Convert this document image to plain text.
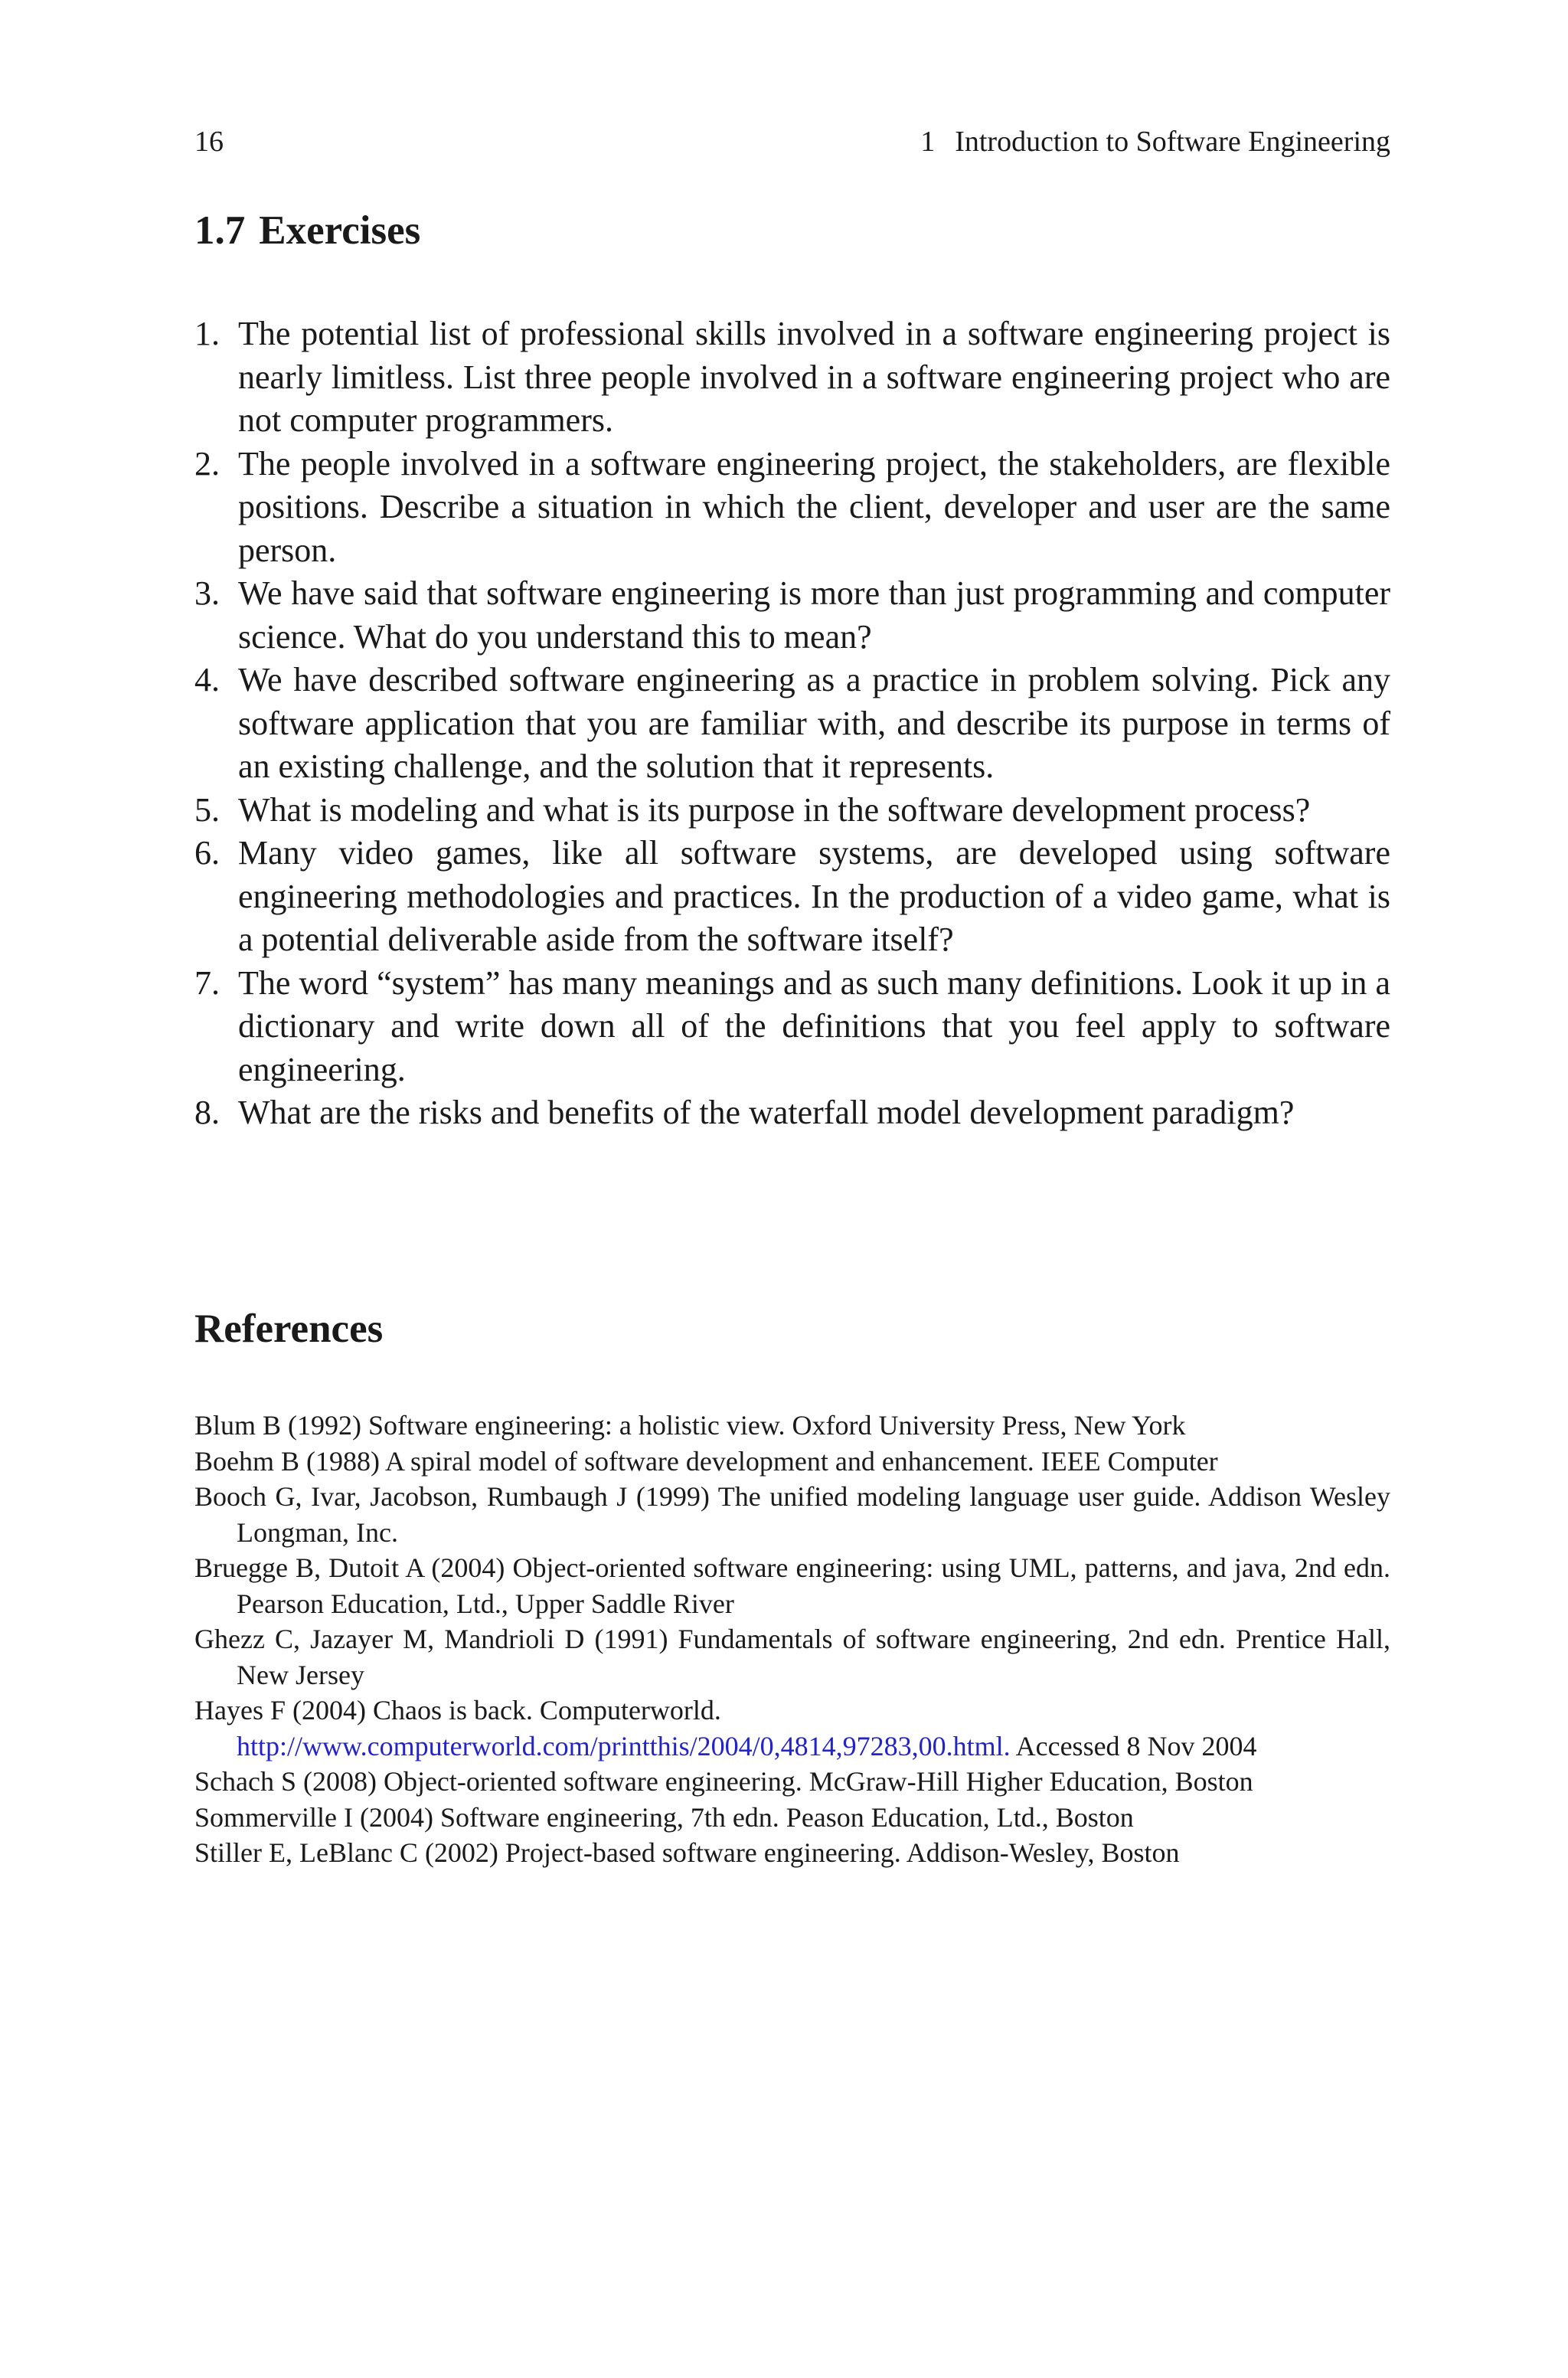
16	1 Introduction to Software Engineering
1.7 Exercises
1. The potential list of professional skills involved in a software engineering project is nearly limitless. List three people involved in a software engineering project who are not computer programmers.
2. The people involved in a software engineering project, the stakeholders, are flexible positions. Describe a situation in which the client, developer and user are the same person.
3. We have said that software engineering is more than just programming and computer science. What do you understand this to mean?
4. We have described software engineering as a practice in problem solving. Pick any software application that you are familiar with, and describe its purpose in terms of an existing challenge, and the solution that it represents.
5. What is modeling and what is its purpose in the software development process?
6. Many video games, like all software systems, are developed using software engineering methodologies and practices. In the production of a video game, what is a potential deliverable aside from the software itself?
7. The word “system” has many meanings and as such many definitions. Look it up in a dictionary and write down all of the definitions that you feel apply to software engineering.
8. What are the risks and benefits of the waterfall model development paradigm?
References
Blum B (1992) Software engineering: a holistic view. Oxford University Press, New York
Boehm B (1988) A spiral model of software development and enhancement. IEEE Computer
Booch G, Ivar, Jacobson, Rumbaugh J (1999) The unified modeling language user guide. Addison Wesley Longman, Inc.
Bruegge B, Dutoit A (2004) Object-oriented software engineering: using UML, patterns, and java, 2nd edn. Pearson Education, Ltd., Upper Saddle River
Ghezz C, Jazayer M, Mandrioli D (1991) Fundamentals of software engineering, 2nd edn. Prentice Hall, New Jersey
Hayes F (2004) Chaos is back. Computerworld. http://www.computerworld.com/printthis/2004/0,4814,97283,00.html. Accessed 8 Nov 2004
Schach S (2008) Object-oriented software engineering. McGraw-Hill Higher Education, Boston
Sommerville I (2004) Software engineering, 7th edn. Peason Education, Ltd., Boston
Stiller E, LeBlanc C (2002) Project-based software engineering. Addison-Wesley, Boston
